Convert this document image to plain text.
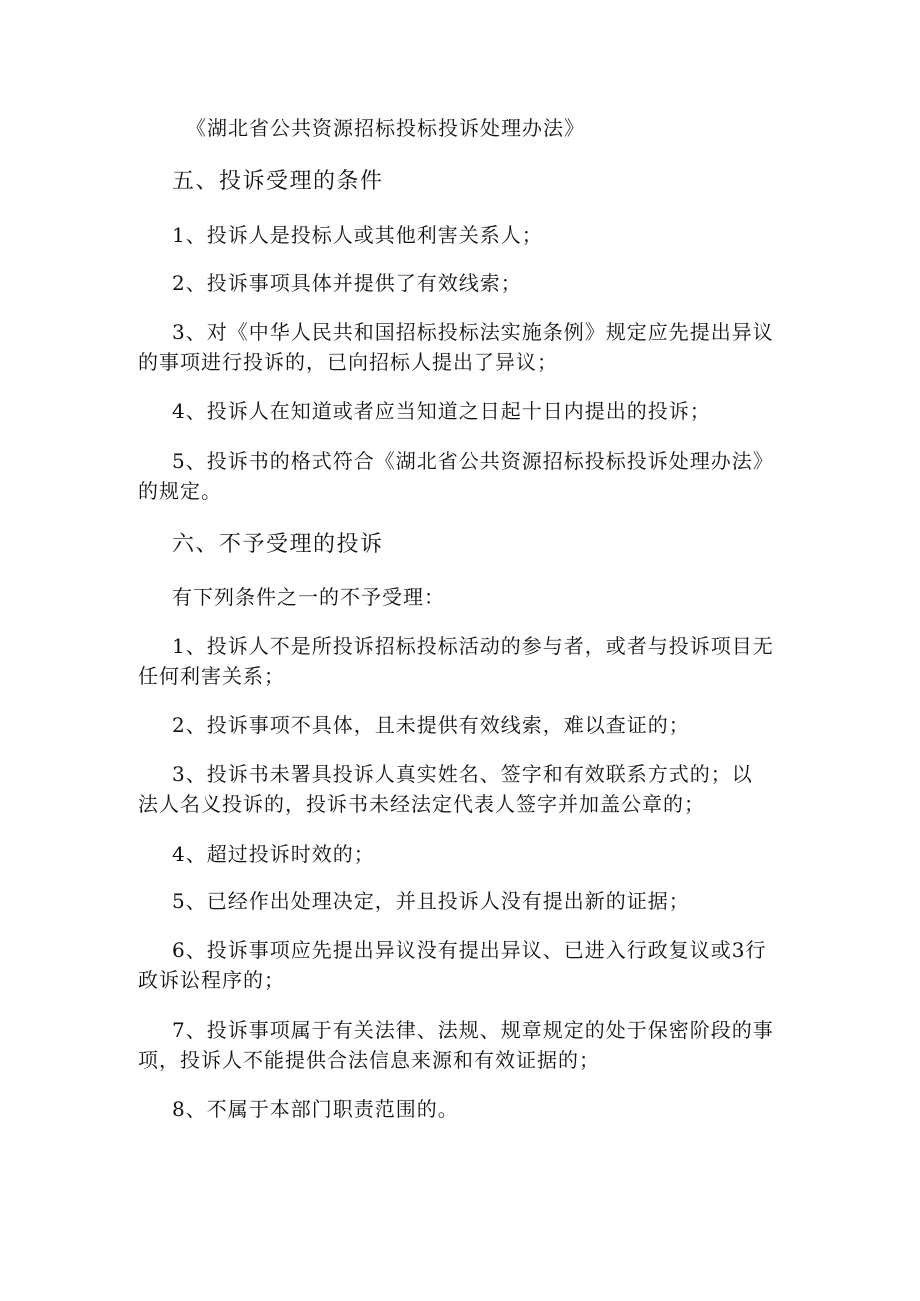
《湖北省公共资源招标投标投诉处理办法》
五、投诉受理的条件
1、投诉人是投标人或其他利害关系人；
2、投诉事项具体并提供了有效线索；
3、对《中华人民共和国招标投标法实施条例》规定应先提出异议
的事项进行投诉的，已向招标人提出了异议；
4、投诉人在知道或者应当知道之日起十日内提出的投诉；
5、投诉书的格式符合《湖北省公共资源招标投标投诉处理办法》
的规定。
六、不予受理的投诉
有下列条件之一的不予受理：
1、投诉人不是所投诉招标投标活动的参与者，或者与投诉项目无
任何利害关系；
2、投诉事项不具体，且未提供有效线索，难以查证的；
3、投诉书未署具投诉人真实姓名、签字和有效联系方式的；以
法人名义投诉的，投诉书未经法定代表人签字并加盖公章的；
4、超过投诉时效的；
5、已经作出处理决定，并且投诉人没有提出新的证据；
6、投诉事项应先提出异议没有提出异议、已进入行政复议或3行
政诉讼程序的；
7、投诉事项属于有关法律、法规、规章规定的处于保密阶段的事
项，投诉人不能提供合法信息来源和有效证据的；
8、不属于本部门职责范围的。
